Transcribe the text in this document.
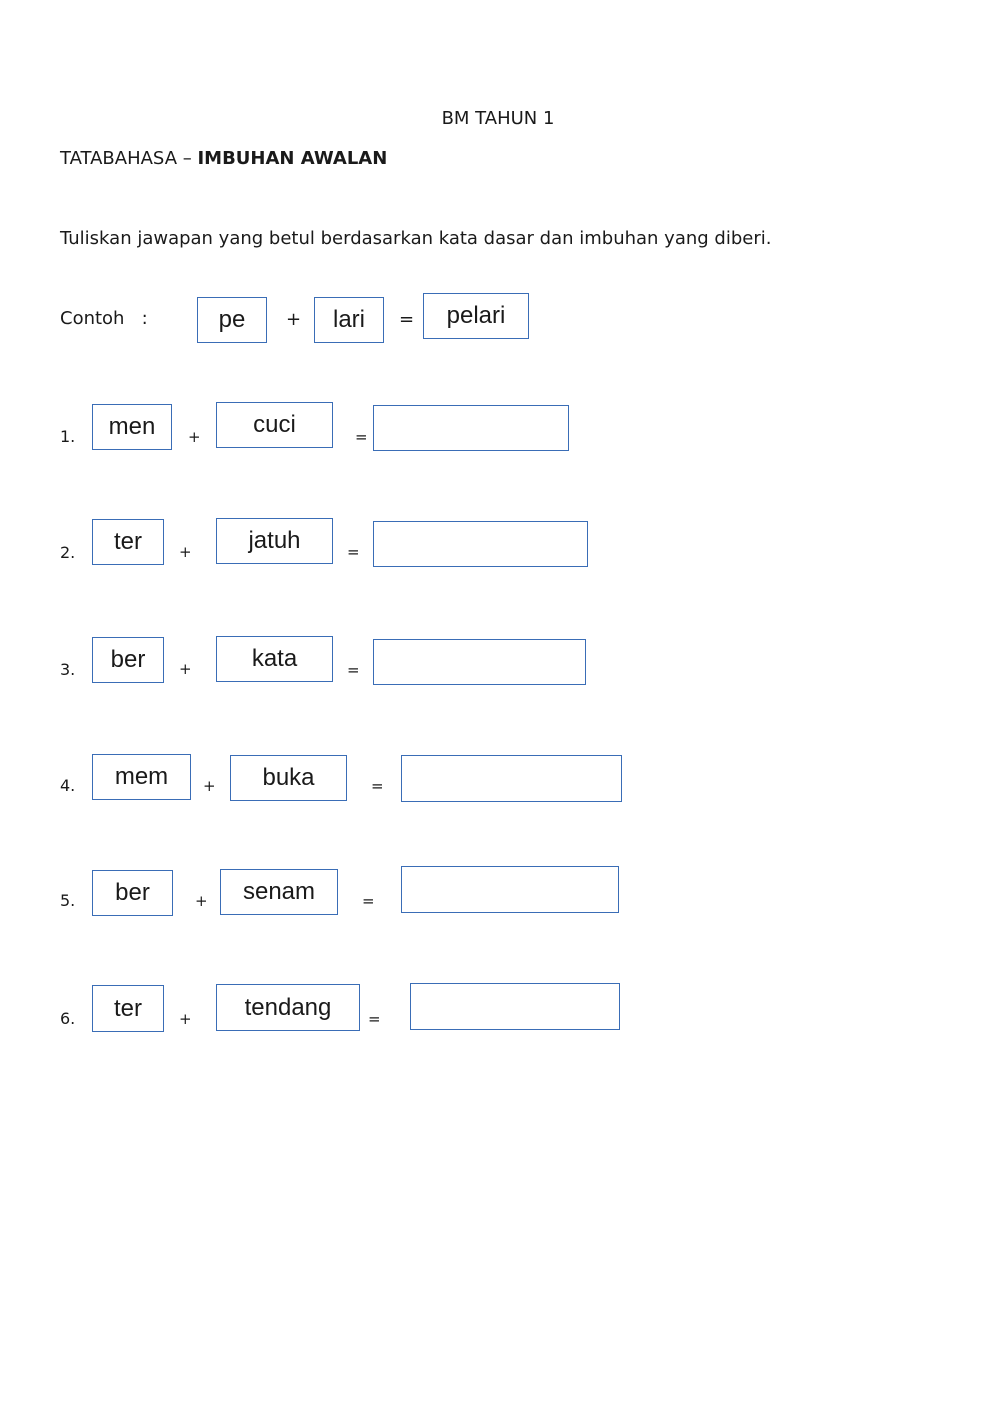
BM TAHUN 1
TATABAHASA – IMBUHAN AWALAN
Tuliskan jawapan yang betul berdasarkan kata dasar dan imbuhan yang diberi.
Contoh   :	pe	+	lari	=	pelari
1.	men	+	cuci	=
2.	ter	+	jatuh	=
3.	ber	+	kata	=
4.	mem	+	buka	=
5.	ber	+	senam	=
6.	ter	+	tendang	=
